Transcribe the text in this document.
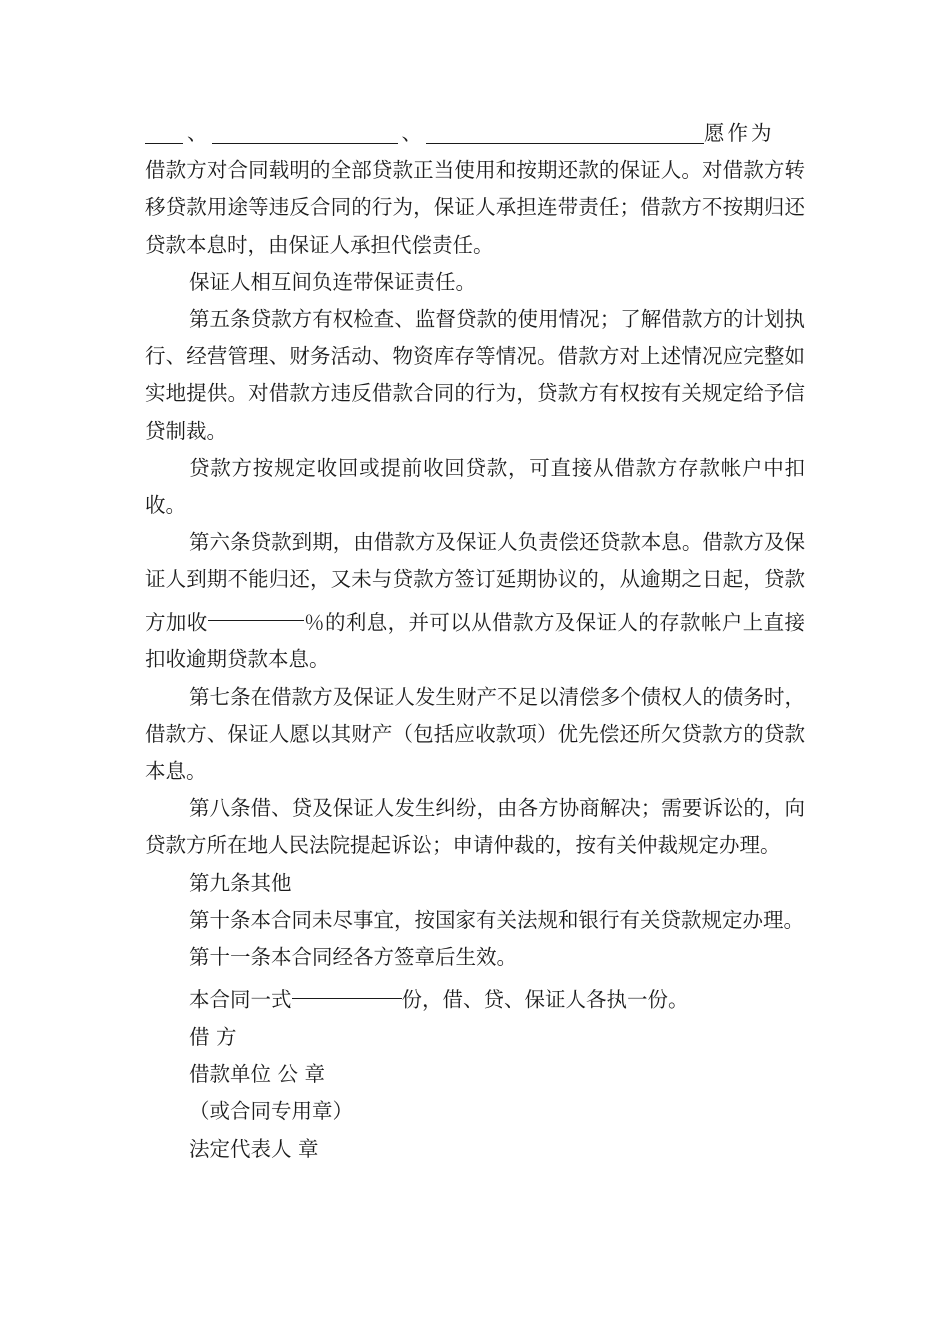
、	、	愿作为

借款方对合同载明的全部贷款正当使用和按期还款的保证人。对借款方转移贷款用途等违反合同的行为，保证人承担连带责任；借款方不按期归还贷款本息时，由保证人承担代偿责任。

保证人相互间负连带保证责任。

第五条贷款方有权检查、监督贷款的使用情况；了解借款方的计划执行、经营管理、财务活动、物资库存等情况。借款方对上述情况应完整如实地提供。对借款方违反借款合同的行为，贷款方有权按有关规定给予信贷制裁。

贷款方按规定收回或提前收回贷款，可直接从借款方存款帐户中扣收。

第六条贷款到期，由借款方及保证人负责偿还贷款本息。借款方及保证人到期不能归还，又未与贷款方签订延期协议的，从逾期之日起，贷款方加收	％的利息，并可以从借款方及保证人的存款帐户上直接扣收逾期贷款本息。

第七条在借款方及保证人发生财产不足以清偿多个债权人的债务时，借款方、保证人愿以其财产（包括应收款项）优先偿还所欠贷款方的贷款本息。

第八条借、贷及保证人发生纠纷，由各方协商解决；需要诉讼的，向贷款方所在地人民法院提起诉讼；申请仲裁的，按有关仲裁规定办理。

第九条其他

第十条本合同未尽事宜，按国家有关法规和银行有关贷款规定办理。

第十一条本合同经各方签章后生效。

本合同一式	份，借、贷、保证人各执一份。

借 方

借款单位 公 章

（或合同专用章）

法定代表人 章
